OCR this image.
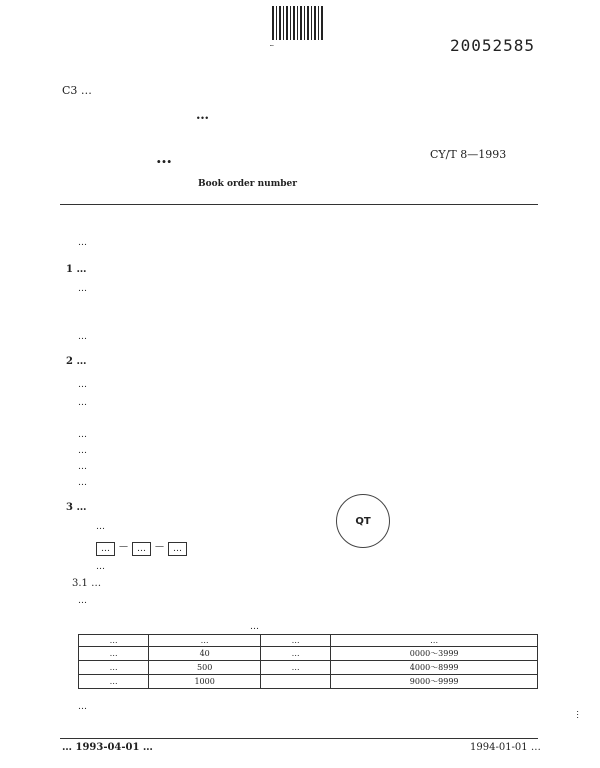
…	20052585
C3 …
…
…	CY/T 8—1993
Book order number
…
1 …
…
…
2 …
…
…
…
…
…
…
3 …
…
QT
…	—	…	—	…
…
3.1 …
…
…
…	…	…	…
…	40	…	0000～3999
…	500	…	4000～8999
…	1000		9000～9999
…
… 1993-04-01 …	1994-01-01 …
…
